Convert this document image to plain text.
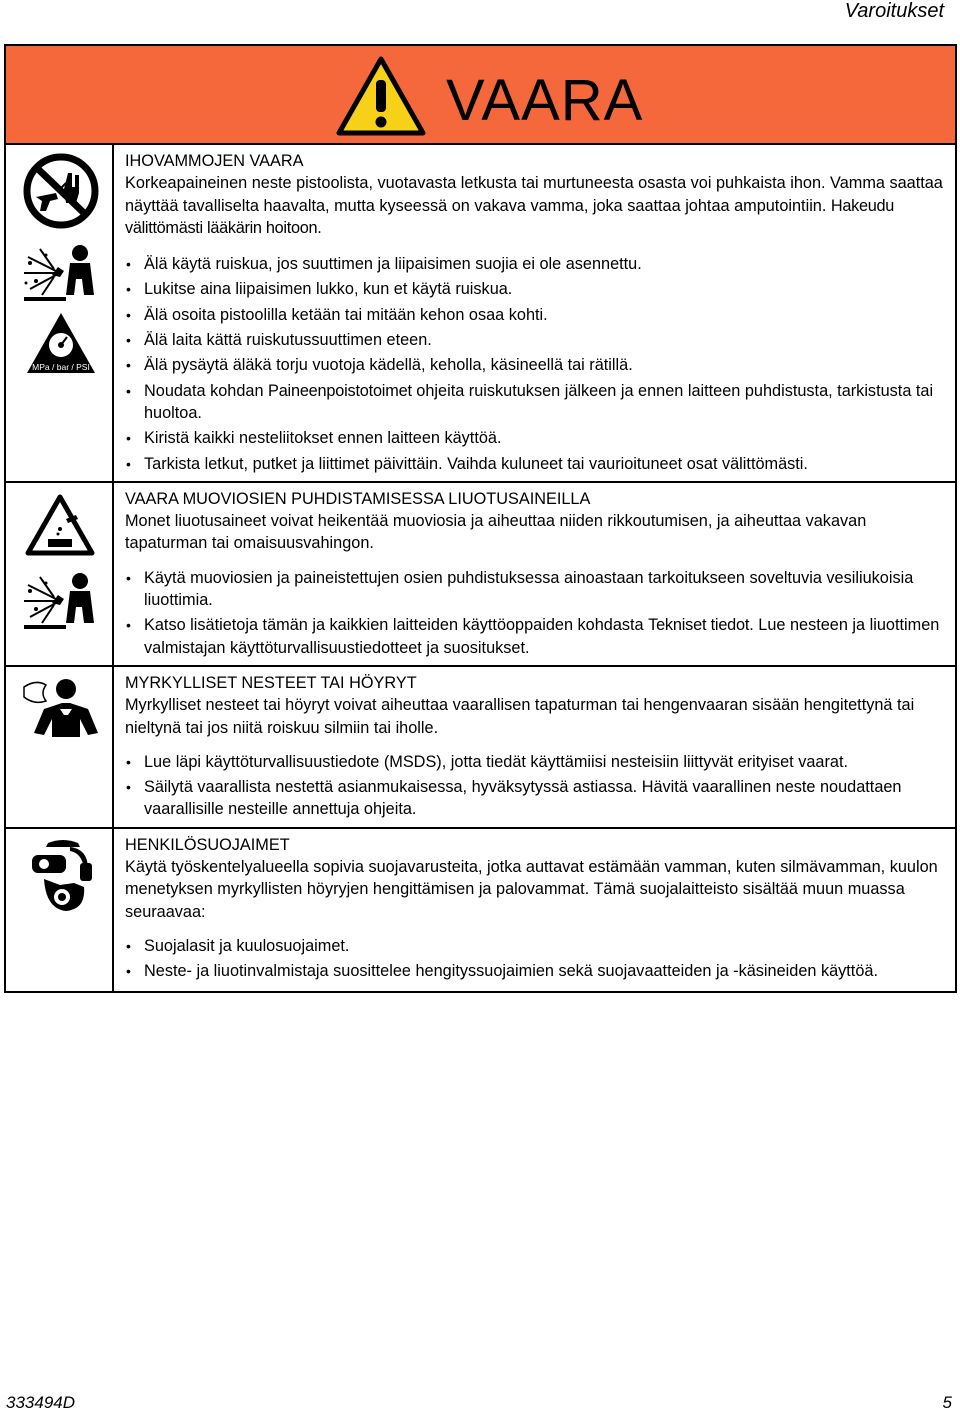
Varoitukset
VAARA
MPa / bar / PSI

IHOVAMMOJEN VAARA

Korkeapaineinen neste pistoolista, vuotavasta letkusta tai murtuneesta osasta voi puhkaista ihon. Vamma saattaa näyttää tavalliselta haavalta, mutta kyseessä on vakava vamma, joka saattaa johtaa amputointiin. Hakeudu välittömästi lääkärin hoitoon.

• Älä käytä ruiskua, jos suuttimen ja liipaisimen suojia ei ole asennettu.
• Lukitse aina liipaisimen lukko, kun et käytä ruiskua.
• Älä osoita pistoolilla ketään tai mitään kehon osaa kohti.
• Älä laita kättä ruiskutussuuttimen eteen.
• Älä pysäytä äläkä torju vuotoja kädellä, keholla, käsineellä tai rätillä.
• Noudata kohdan Paineenpoistotoimet ohjeita ruiskutuksen jälkeen ja ennen laitteen puhdistusta, tarkistusta tai huoltoa.
• Kiristä kaikki nesteliitokset ennen laitteen käyttöä.
• Tarkista letkut, putket ja liittimet päivittäin. Vaihda kuluneet tai vaurioituneet osat välittömästi.

VAARA MUOVIOSIEN PUHDISTAMISESSA LIUOTUSAINEILLA

Monet liuotusaineet voivat heikentää muoviosia ja aiheuttaa niiden rikkoutumisen, ja aiheuttaa vakavan tapaturman tai omaisuusvahingon.

• Käytä muoviosien ja paineistettujen osien puhdistuksessa ainoastaan tarkoitukseen soveltuvia vesiliukoisia liuottimia.
• Katso lisätietoja tämän ja kaikkien laitteiden käyttöoppaiden kohdasta Tekniset tiedot. Lue nesteen ja liuottimen valmistajan käyttöturvallisuustiedotteet ja suositukset.

MYRKYLLISET NESTEET TAI HÖYRYT

Myrkylliset nesteet tai höyryt voivat aiheuttaa vaarallisen tapaturman tai hengenvaaran sisään hengitettynä tai nieltynä tai jos niitä roiskuu silmiin tai iholle.

• Lue läpi käyttöturvallisuustiedote (MSDS), jotta tiedät käyttämiisi nesteisiin liittyvät erityiset vaarat.
• Säilytä vaarallista nestettä asianmukaisessa, hyväksytyssä astiassa. Hävitä vaarallinen neste noudattaen vaarallisille nesteille annettuja ohjeita.

HENKILÖSUOJAIMET

Käytä työskentelyalueella sopivia suojavarusteita, jotka auttavat estämään vamman, kuten silmävamman, kuulon menetyksen myrkyllisten höyryjen hengittämisen ja palovammat. Tämä suojalaitteisto sisältää muun muassa seuraavaa:

• Suojalasit ja kuulosuojaimet.
• Neste- ja liuotinvalmistaja suosittelee hengityssuojaimien sekä suojavaatteiden ja -käsineiden käyttöä.
333494D	5
